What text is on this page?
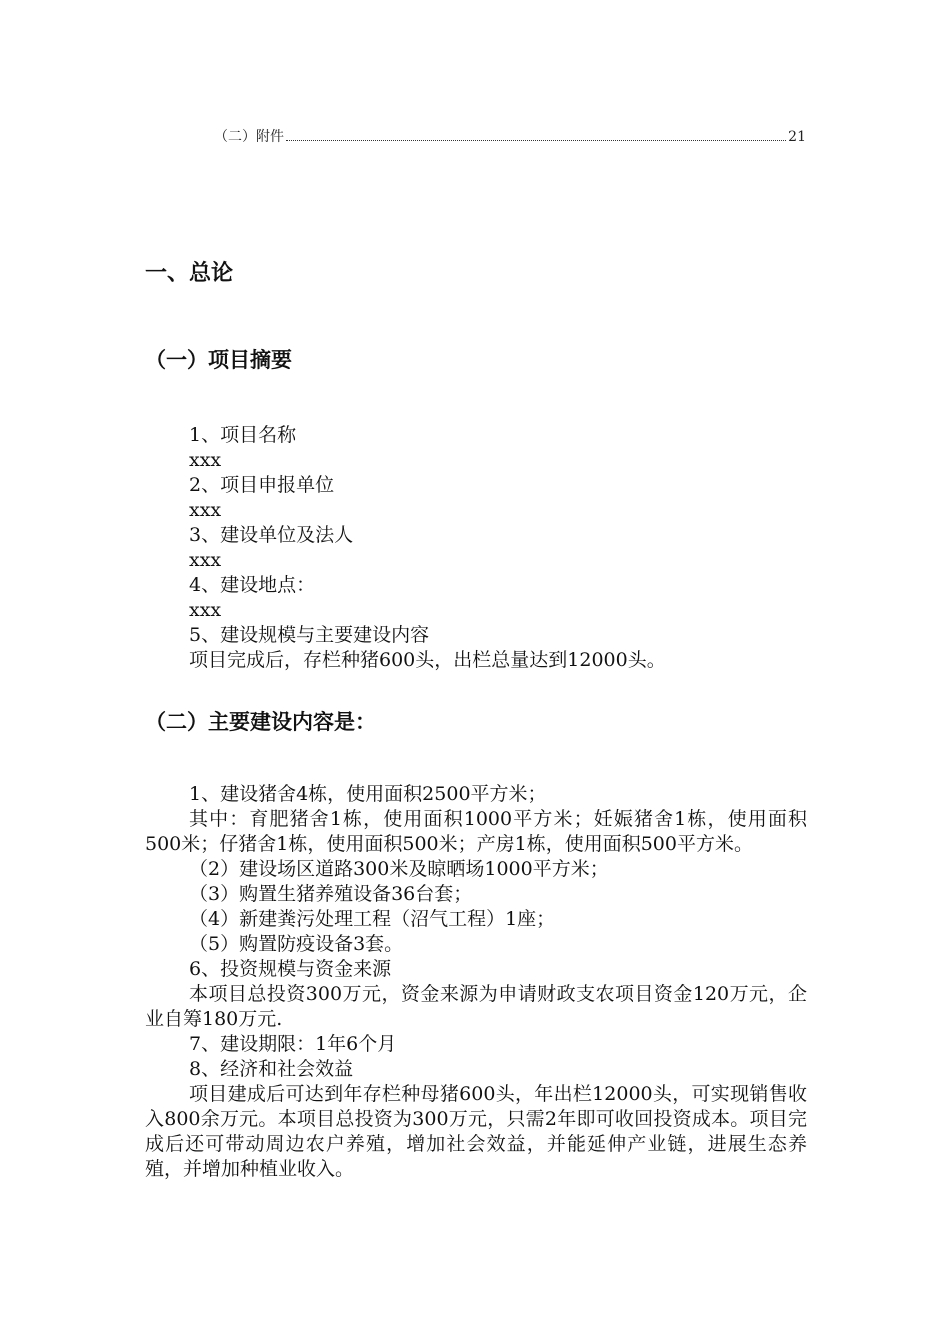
（二）附件	21
一、总论
（一）项目摘要
1、项目名称
xxx
2、项目申报单位
xxx
3、建设单位及法人
xxx
4、建设地点：
xxx
5、建设规模与主要建设内容
项目完成后，存栏种猪600头，出栏总量达到12000头。
（二）主要建设内容是：
1、建设猪舍4栋，使用面积2500平方米；
其中：育肥猪舍1栋，使用面积1000平方米；妊娠猪舍1栋，使用面积500米；仔猪舍1栋，使用面积500米；产房1栋，使用面积500平方米。
（2）建设场区道路300米及晾晒场1000平方米；
（3）购置生猪养殖设备36台套；
（4）新建粪污处理工程（沼气工程）1座；
（5）购置防疫设备3套。
6、投资规模与资金来源
本项目总投资300万元，资金来源为申请财政支农项目资金120万元，企业自筹180万元.
7、建设期限：1年6个月
8、经济和社会效益
项目建成后可达到年存栏种母猪600头，年出栏12000头，可实现销售收入800余万元。本项目总投资为300万元，只需2年即可收回投资成本。项目完成后还可带动周边农户养殖，增加社会效益，并能延伸产业链，进展生态养殖，并增加种植业收入。
